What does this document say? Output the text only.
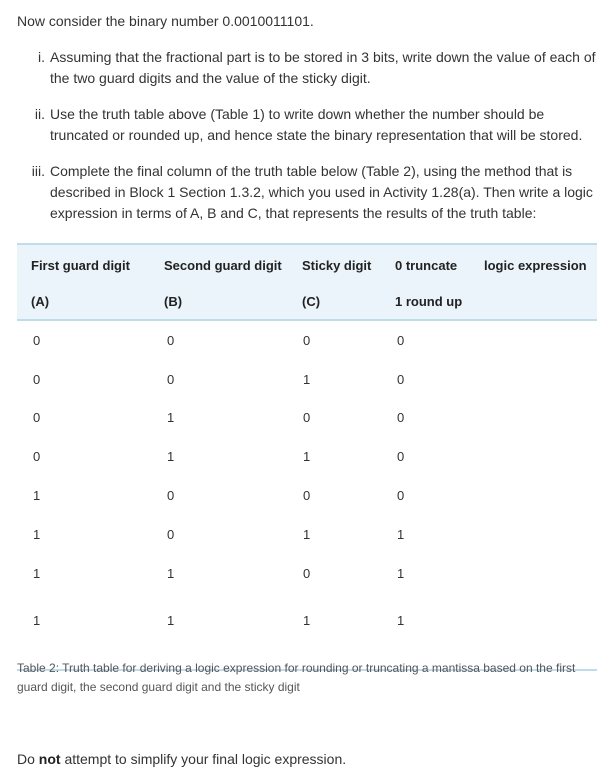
Now consider the binary number 0.0010011101.

i. Assuming that the fractional part is to be stored in 3 bits, write down the value of each of the two guard digits and the value of the sticky digit.
ii. Use the truth table above (Table 1) to write down whether the number should be truncated or rounded up, and hence state the binary representation that will be stored.
iii. Complete the final column of the truth table below (Table 2), using the method that is described in Block 1 Section 1.3.2, which you used in Activity 1.28(a). Then write a logic expression in terms of A, B and C, that represents the results of the truth table:
First guard digit	Second guard digit	Sticky digit	0 truncate	logic expression
(A)	(B)	(C)	1 round up	
0	0	0	0	
0	0	1	0	
0	1	0	0	
0	1	1	0	
1	0	0	0	
1	0	1	1	
1	1	0	1	
1	1	1	1	

Table 2: Truth table for deriving a logic expression for rounding or truncating a mantissa based on the first guard digit, the second guard digit and the sticky digit

Do not attempt to simplify your final logic expression.
